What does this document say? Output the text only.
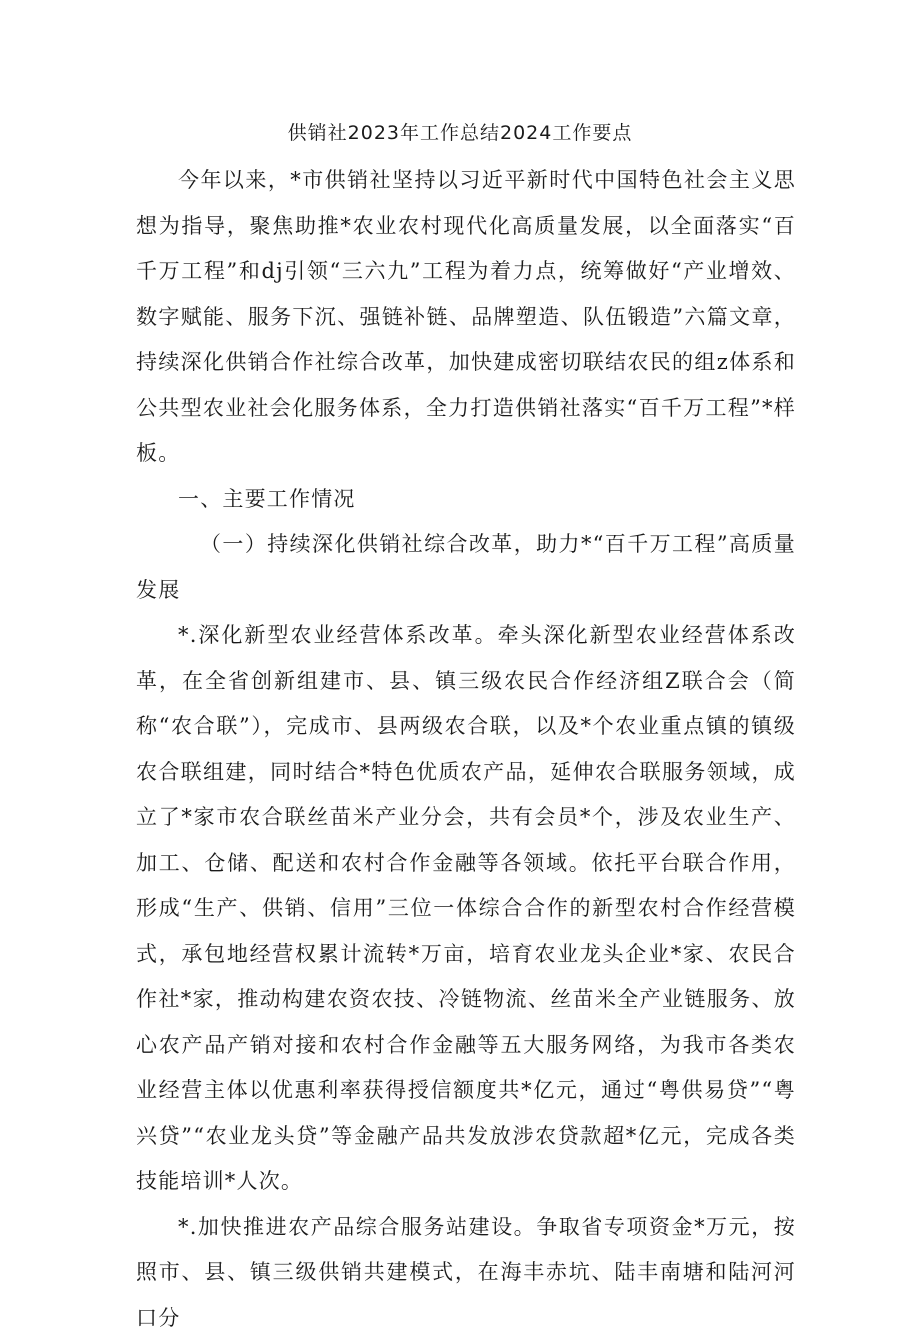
供销社2023年工作总结2024工作要点

今年以来，*市供销社坚持以习近平新时代中国特色社会主义思想为指导，聚焦助推*农业农村现代化高质量发展，以全面落实“百千万工程”和dj引领“三六九”工程为着力点，统筹做好“产业增效、数字赋能、服务下沉、强链补链、品牌塑造、队伍锻造”六篇文章，持续深化供销合作社综合改革，加快建成密切联结农民的组z体系和公共型农业社会化服务体系，全力打造供销社落实“百千万工程”*样板。

一、主要工作情况

（一）持续深化供销社综合改革，助力*“百千万工程”高质量发展

*.深化新型农业经营体系改革。牵头深化新型农业经营体系改革，在全省创新组建市、县、镇三级农民合作经济组Z联合会（简称“农合联”），完成市、县两级农合联，以及*个农业重点镇的镇级农合联组建，同时结合*特色优质农产品，延伸农合联服务领域，成立了*家市农合联丝苗米产业分会，共有会员*个，涉及农业生产、加工、仓储、配送和农村合作金融等各领域。依托平台联合作用，形成“生产、供销、信用”三位一体综合合作的新型农村合作经营模式，承包地经营权累计流转*万亩，培育农业龙头企业*家、农民合作社*家，推动构建农资农技、冷链物流、丝苗米全产业链服务、放心农产品产销对接和农村合作金融等五大服务网络，为我市各类农业经营主体以优惠利率获得授信额度共*亿元，通过“粤供易贷”“粤兴贷”“农业龙头贷”等金融产品共发放涉农贷款超*亿元，完成各类技能培训*人次。

*.加快推进农产品综合服务站建设。争取省专项资金*万元，按照市、县、镇三级供销共建模式，在海丰赤坑、陆丰南塘和陆河河口分
